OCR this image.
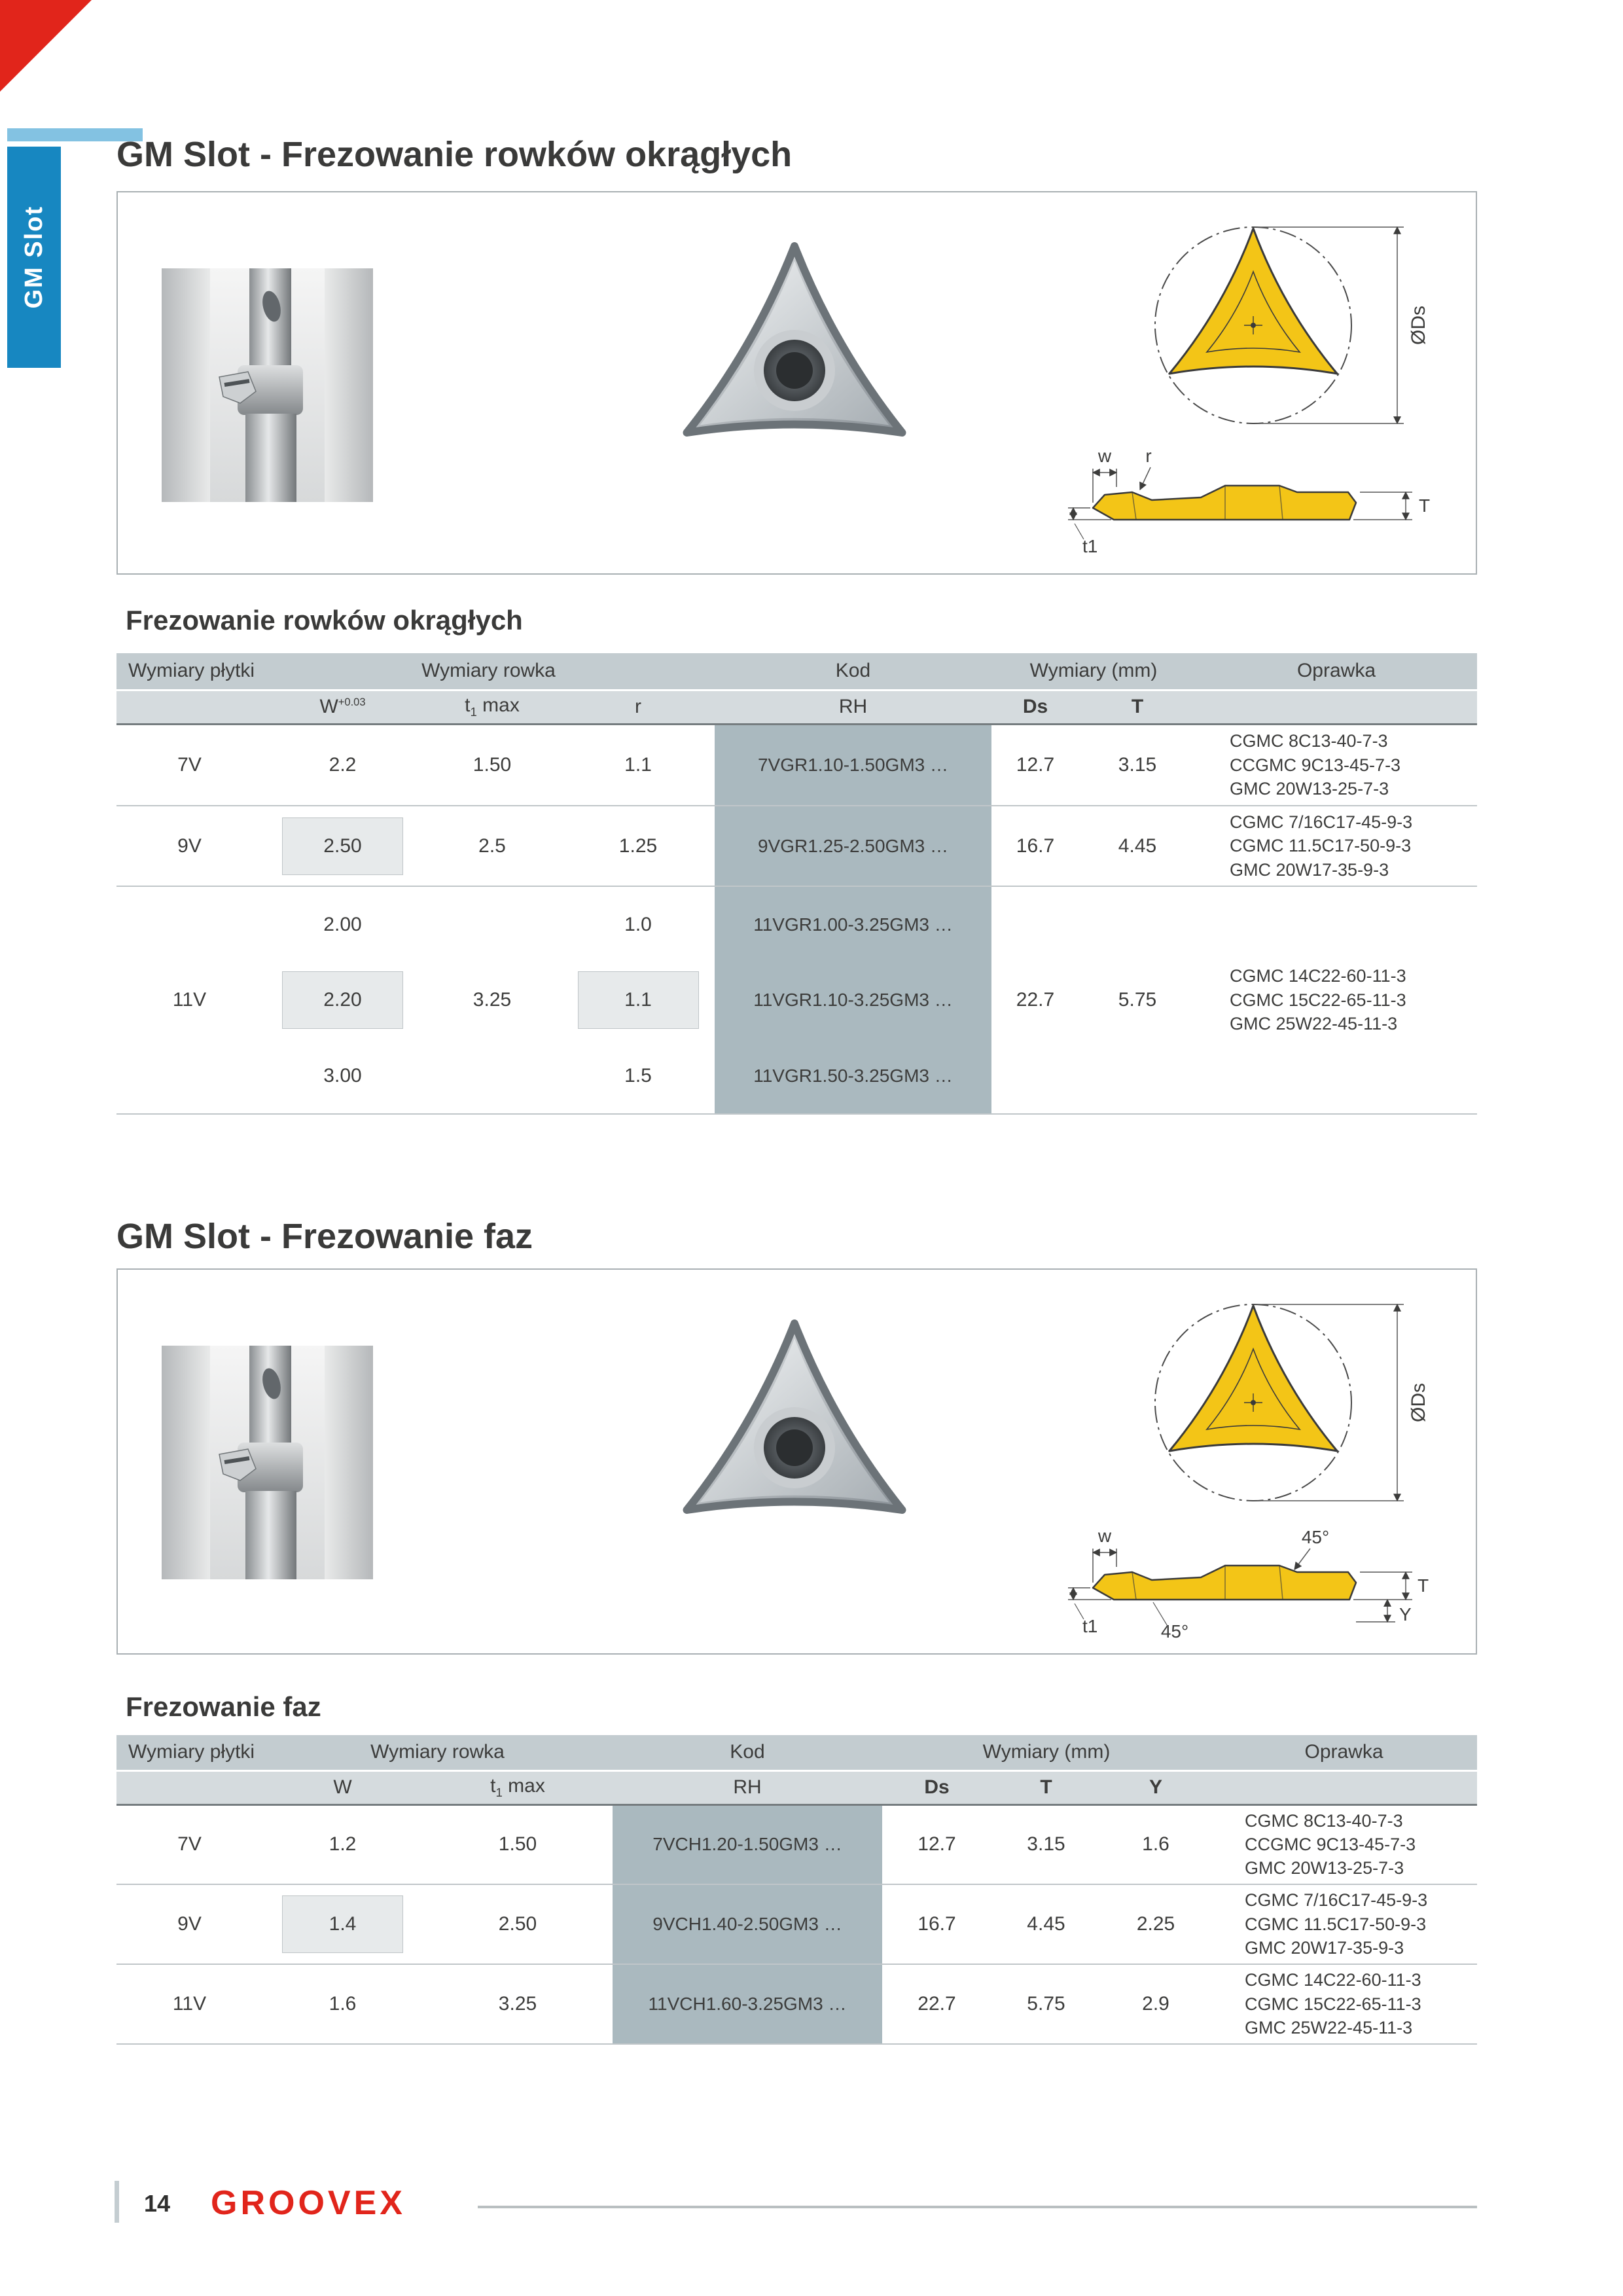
GM Slot
GM Slot - Frezowanie rowków okrągłych
ØDs
w r
T
t1
Frezowanie rowków okrągłych
Wymiary płytki	Wymiary rowka			Kod	Wymiary (mm)		Oprawka
	$W^{+0.03}$	$t_1$ max	r	RH	Ds	T	
7V	2.2	1.50	1.1	7VGR1.10-1.50GM3 …	12.7	3.15	CGMC 8C13-40-7-3
CCGMC 9C13-45-7-3
GMC 20W13-25-7-3

9V	2.50	2.5	1.25	9VGR1.25-2.50GM3 …	16.7	4.45	CGMC 7/16C17-45-9-3
CGMC 11.5C17-50-9-3
GMC 20W17-35-9-3

11V	2.00	3.25	1.0	11VGR1.00-3.25GM3 …	22.7	5.75	CGMC 14C22-60-11-3
CGMC 15C22-65-11-3
GMC 25W22-45-11-3

	2.20		1.1	11VGR1.10-3.25GM3 …			
	3.00		1.5	11VGR1.50-3.25GM3 …			
GM Slot - Frezowanie faz
ØDs
w	45°
T
t1	45°
Y
Frezowanie faz
Wymiary płytki	Wymiary rowka		Kod	Wymiary (mm)			Oprawka
	W	$t_1$ max	RH	Ds	T	Y	
7V	1.2	1.50	7VCH1.20-1.50GM3 …	12.7	3.15	1.6	CGMC 8C13-40-7-3
CCGMC 9C13-45-7-3
GMC 20W13-25-7-3

9V	1.4	2.50	9VCH1.40-2.50GM3 …	16.7	4.45	2.25	CGMC 7/16C17-45-9-3
CGMC 11.5C17-50-9-3
GMC 20W17-35-9-3

11V	1.6	3.25	11VCH1.60-3.25GM3 …	22.7	5.75	2.9	CGMC 14C22-60-11-3
CGMC 15C22-65-11-3
GMC 25W22-45-11-3
14 GROOVEX
